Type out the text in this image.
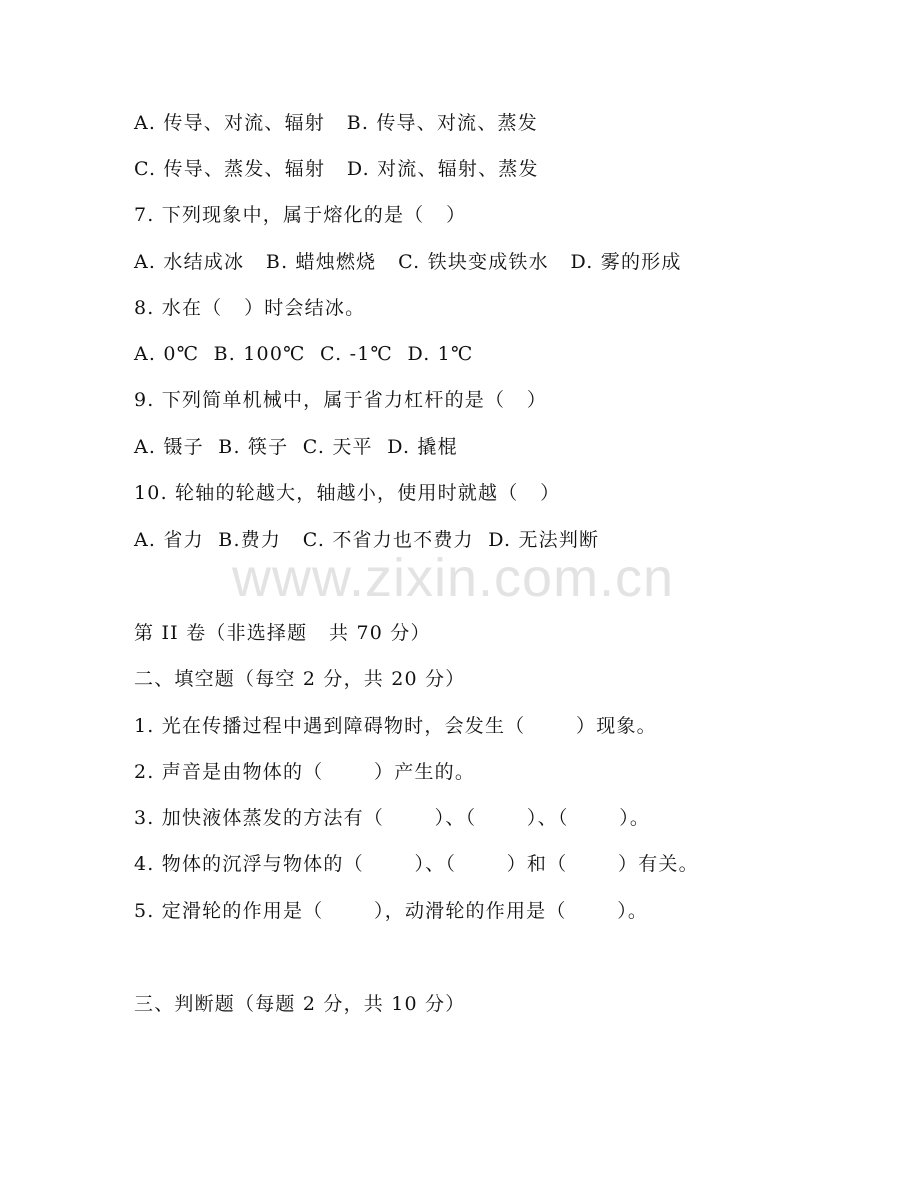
A. 传导、对流、辐射   B. 传导、对流、蒸发
C. 传导、蒸发、辐射   D. 对流、辐射、蒸发
7. 下列现象中，属于熔化的是（   ）
A. 水结成冰   B. 蜡烛燃烧   C. 铁块变成铁水   D. 雾的形成
8. 水在（   ）时会结冰。
A. 0℃  B. 100℃  C. -1℃  D. 1℃
9. 下列简单机械中，属于省力杠杆的是（   ）
A. 镊子  B. 筷子  C. 天平  D. 撬棍
10. 轮轴的轮越大，轴越小，使用时就越（   ）
A. 省力  B.费力   C. 不省力也不费力  D. 无法判断
www.zixin.com.cn
第 II 卷（非选择题   共 70 分）
二、填空题（每空 2 分，共 20 分）
1. 光在传播过程中遇到障碍物时，会发生（       ）现象。
2. 声音是由物体的（       ）产生的。
3. 加快液体蒸发的方法有（       ）、（       ）、（       ）。
4. 物体的沉浮与物体的（       ）、（       ）和（       ）有关。
5. 定滑轮的作用是（       ），动滑轮的作用是（       ）。
三、判断题（每题 2 分，共 10 分）
